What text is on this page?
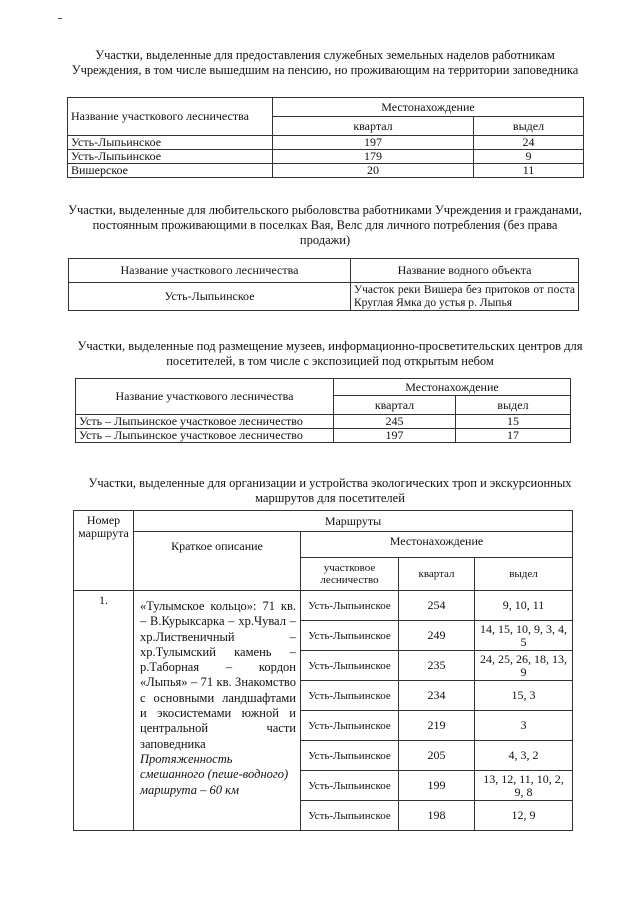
Участки, выделенные для предоставления служебных земельных наделов работникам
Учреждения, в том числе вышедшим на пенсию, но проживающим на территории заповедника
Название участкового лесничества	Местонахождение	
	квартал	выдел
Усть-Лыпьинское	197	24
Усть-Лыпьинское	179	9
Вишерское	20	11
Участки, выделенные для любительского рыболовства работниками Учреждения и гражданами,
постоянным проживающими в поселках Вая, Велс для личного потребления (без права
продажи)
Название участкового лесничества	Название водного объекта
Усть-Лыпьинское	Участок реки Вишера без притоков от поста Круглая Ямка до устья р. Лыпья
Участки, выделенные под размещение музеев, информационно-просветительских центров для
посетителей, в том числе с экспозицией под открытым небом
Название участкового лесничества	Местонахождение	
	квартал	выдел
Усть – Лыпьинское участковое лесничество	245	15
Усть – Лыпьинское участковое лесничество	197	17
Участки, выделенные для организации и устройства экологических троп и экскурсионных
маршрутов для посетителей
Номер маршрута	Маршруты			
	Краткое описание	Местонахождение		
		участковое лесничество	квартал	выдел
1.	«Тулымское кольцо»: 71 кв. – В.Курыксарка – хр.Чувал – хр.Лиственичный – хр.Тулымский камень – р.Таборная – кордон «Лыпья» – 71 кв. Знакомство с основными ландшафтами и экосистемами южной и центральной части заповедника
Протяженность смешанного (пеше-водного) маршрута – 60 км	Усть-Лыпьинское	254	9, 10, 11
		Усть-Лыпьинское	249	14, 15, 10, 9, 3, 4, 5
		Усть-Лыпьинское	235	24, 25, 26, 18, 13, 9
		Усть-Лыпьинское	234	15, 3
		Усть-Лыпьинское	219	3
		Усть-Лыпьинское	205	4, 3, 2
		Усть-Лыпьинское	199	13, 12, 11, 10, 2, 9, 8
		Усть-Лыпьинское	198	12, 9
